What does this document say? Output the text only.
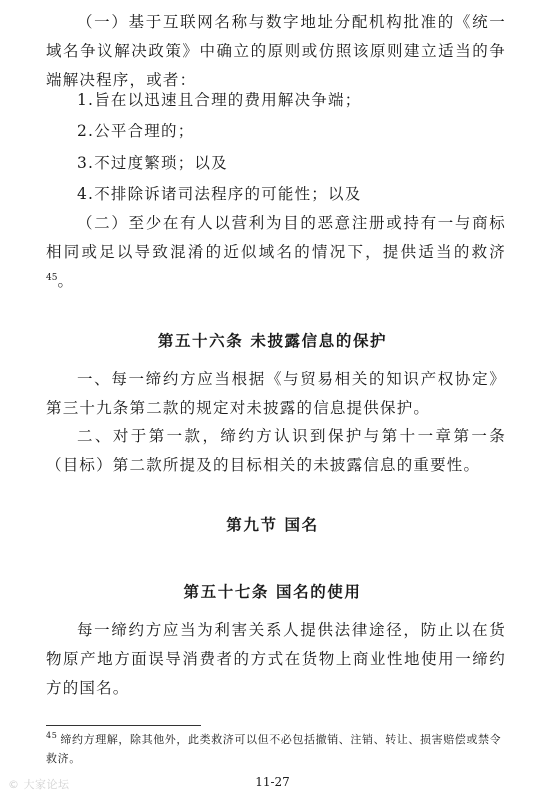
（一）基于互联网名称与数字地址分配机构批准的《统一域名争议解决政策》中确立的原则或仿照该原则建立适当的争端解决程序，或者：

1.旨在以迅速且合理的费用解决争端；

2.公平合理的；

3.不过度繁琐；以及

4.不排除诉诸司法程序的可能性；以及

（二）至少在有人以营利为目的恶意注册或持有一与商标相同或足以导致混淆的近似域名的情况下，提供适当的救济$^{45}$。

第五十六条 未披露信息的保护

一、每一缔约方应当根据《与贸易相关的知识产权协定》第三十九条第二款的规定对未披露的信息提供保护。

二、对于第一款，缔约方认识到保护与第十一章第一条（目标）第二款所提及的目标相关的未披露信息的重要性。

第九节 国名

第五十七条 国名的使用

每一缔约方应当为利害关系人提供法律途径，防止以在货物原产地方面误导消费者的方式在货物上商业性地使用一缔约方的国名。

$^{45}$ 缔约方理解，除其他外，此类救济可以但不必包括撤销、注销、转让、损害赔偿或禁令救济。

© 大家论坛	11-27
